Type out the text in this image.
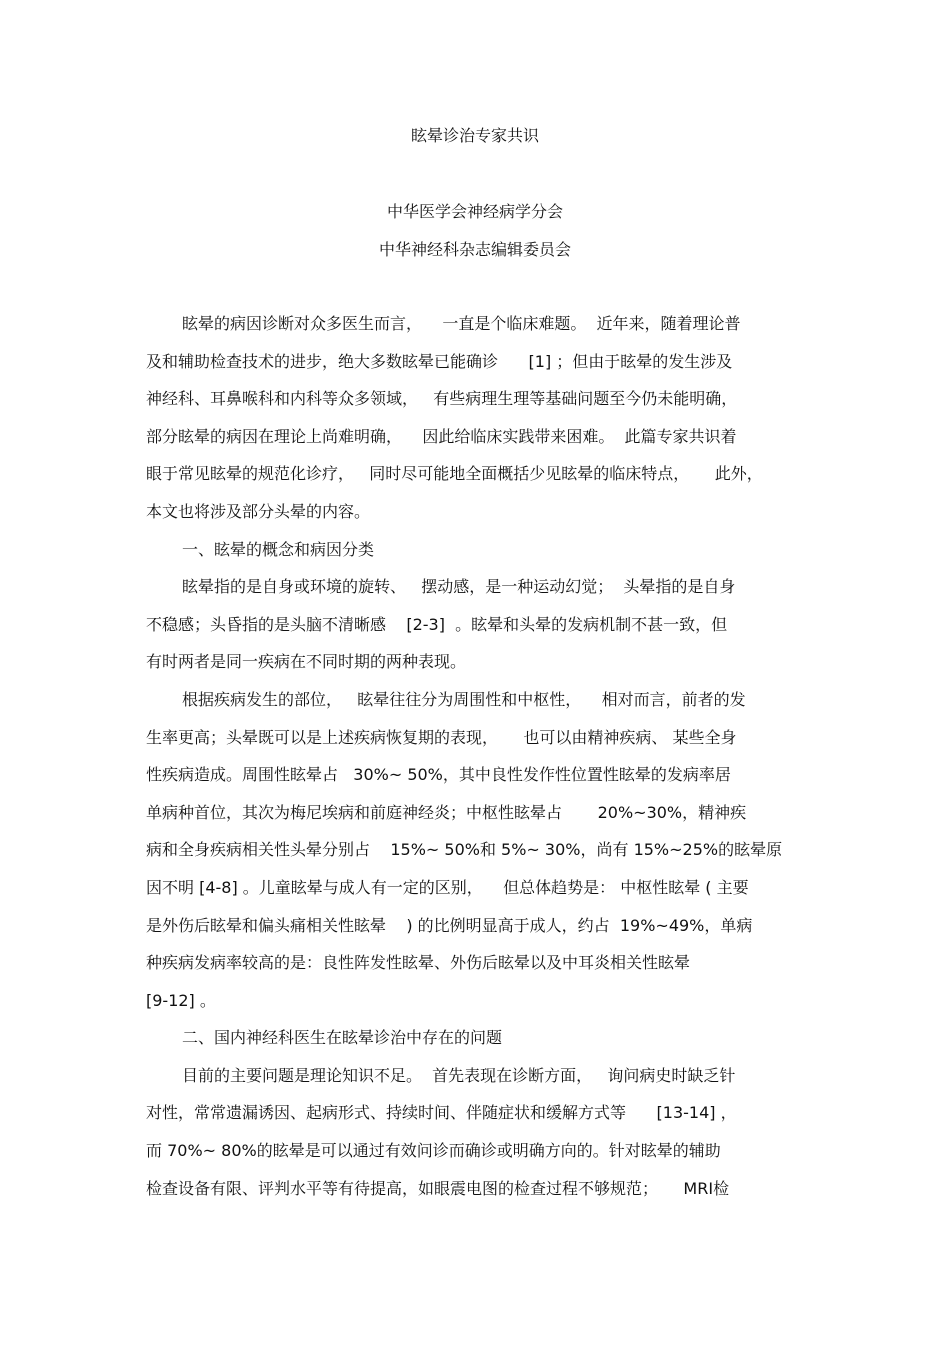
眩晕诊治专家共识
中华医学会神经病学分会
中华神经科杂志编辑委员会
眩晕的病因诊断对众多医生而言，    一直是个临床难题。  近年来，随着理论普
及和辅助检查技术的进步，绝大多数眩晕已能确诊      [1] ；但由于眩晕的发生涉及
神经科、耳鼻喉科和内科等众多领域，   有些病理生理等基础问题至今仍未能明确，
部分眩晕的病因在理论上尚难明确，    因此给临床实践带来困难。  此篇专家共识着
眼于常见眩晕的规范化诊疗，   同时尽可能地全面概括少见眩晕的临床特点，     此外，
本文也将涉及部分头晕的内容。
一、眩晕的概念和病因分类
眩晕指的是自身或环境的旋转、   摆动感，是一种运动幻觉；  头晕指的是自身
不稳感；头昏指的是头脑不清晰感    [2-3]  。眩晕和头晕的发病机制不甚一致，但
有时两者是同一疾病在不同时期的两种表现。
根据疾病发生的部位，   眩晕往往分为周围性和中枢性，    相对而言，前者的发
生率更高；头晕既可以是上述疾病恢复期的表现，     也可以由精神疾病、 某些全身
性疾病造成。周围性眩晕占   30%~ 50%，其中良性发作性位置性眩晕的发病率居
单病种首位，其次为梅尼埃病和前庭神经炎；中枢性眩晕占       20%~30%，精神疾
病和全身疾病相关性头晕分别占    15%~ 50%和 5%~ 30%，尚有 15%~25%的眩晕原
因不明 [4-8] 。儿童眩晕与成人有一定的区别，    但总体趋势是： 中枢性眩晕 ( 主要
是外伤后眩晕和偏头痛相关性眩晕    ) 的比例明显高于成人，约占  19%~49%，单病
种疾病发病率较高的是：良性阵发性眩晕、外伤后眩晕以及中耳炎相关性眩晕
[9-12] 。
二、国内神经科医生在眩晕诊治中存在的问题
目前的主要问题是理论知识不足。  首先表现在诊断方面，   询问病史时缺乏针
对性，常常遗漏诱因、起病形式、持续时间、伴随症状和缓解方式等      [13-14] ，
而 70%~ 80%的眩晕是可以通过有效问诊而确诊或明确方向的。针对眩晕的辅助
检查设备有限、评判水平等有待提高，如眼震电图的检查过程不够规范；     MRI检
